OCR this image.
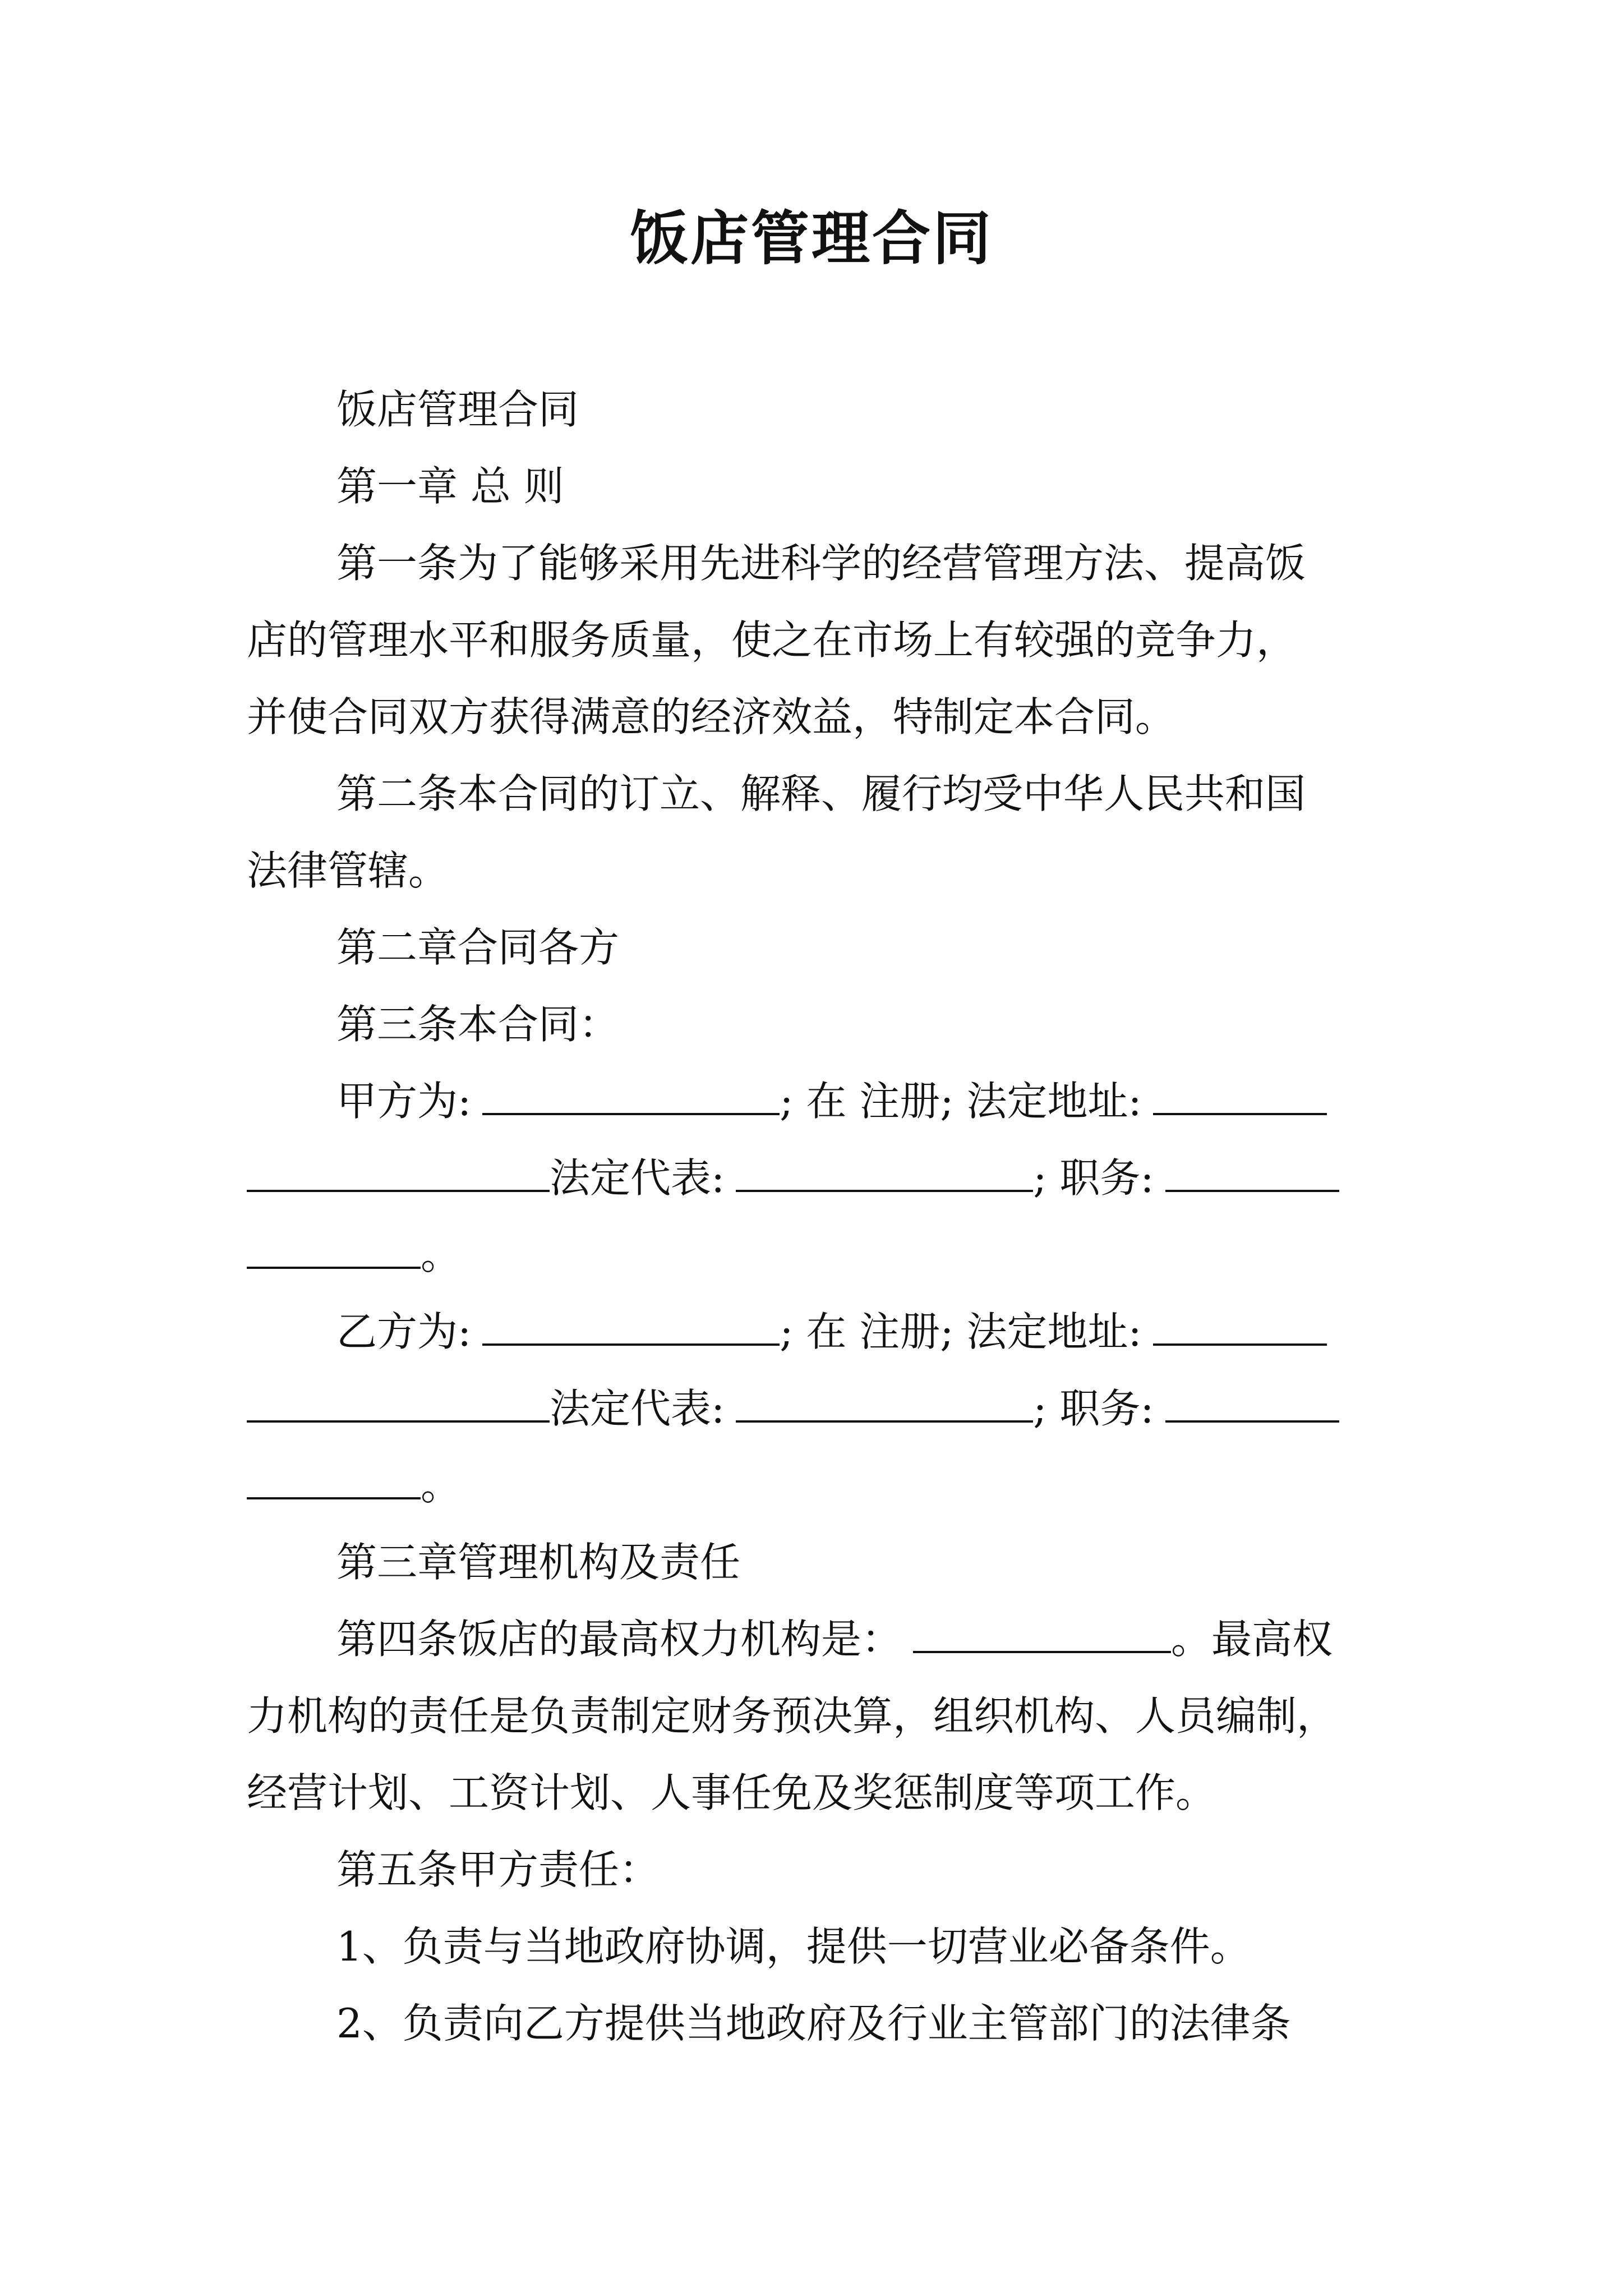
饭店管理合同

饭店管理合同

第一章 总 则

第一条为了能够采用先进科学的经营管理方法、提高饭

店的管理水平和服务质量，使之在市场上有较强的竞争力，

并使合同双方获得满意的经济效益，特制定本合同。

第二条本合同的订立、解释、履行均受中华人民共和国

法律管辖。

第二章合同各方

第三条本合同：

甲方为:	; 在 注册; 法定地址:

法定代表:	; 职务:

。

乙方为:	; 在 注册; 法定地址:

法定代表:	; 职务:

。

第三章管理机构及责任

第四条饭店的最高权力机构是：	。最高权

力机构的责任是负责制定财务预决算，组织机构、人员编制，

经营计划、工资计划、人事任免及奖惩制度等项工作。

第五条甲方责任：

1、负责与当地政府协调，提供一切营业必备条件。

2、负责向乙方提供当地政府及行业主管部门的法律条
